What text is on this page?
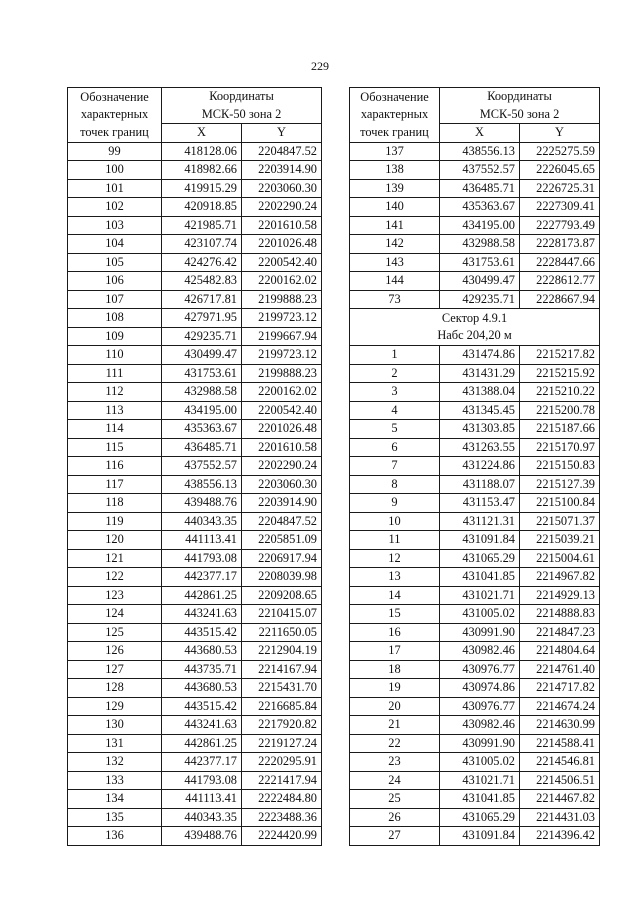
229
Обозначение
характерных
точек границ	Координаты
МСК-50 зона 2	

	X	Y
99	418128.06	2204847.52
100	418982.66	2203914.90
101	419915.29	2203060.30
102	420918.85	2202290.24
103	421985.71	2201610.58
104	423107.74	2201026.48
105	424276.42	2200542.40
106	425482.83	2200162.02
107	426717.81	2199888.23
108	427971.95	2199723.12
109	429235.71	2199667.94
110	430499.47	2199723.12
111	431753.61	2199888.23
112	432988.58	2200162.02
113	434195.00	2200542.40
114	435363.67	2201026.48
115	436485.71	2201610.58
116	437552.57	2202290.24
117	438556.13	2203060.30
118	439488.76	2203914.90
119	440343.35	2204847.52
120	441113.41	2205851.09
121	441793.08	2206917.94
122	442377.17	2208039.98
123	442861.25	2209208.65
124	443241.63	2210415.07
125	443515.42	2211650.05
126	443680.53	2212904.19
127	443735.71	2214167.94
128	443680.53	2215431.70
129	443515.42	2216685.84
130	443241.63	2217920.82
131	442861.25	2219127.24
132	442377.17	2220295.91
133	441793.08	2221417.94
134	441113.41	2222484.80
135	440343.35	2223488.36
136	439488.76	2224420.99
Обозначение
характерных
точек границ	Координаты
МСК-50 зона 2	

	X	Y
137	438556.13	2225275.59
138	437552.57	2226045.65
139	436485.71	2226725.31
140	435363.67	2227309.41
141	434195.00	2227793.49
142	432988.58	2228173.87
143	431753.61	2228447.66
144	430499.47	2228612.77
73	429235.71	2228667.94

Сектор 4.9.1
Набс 204,20 м		

1	431474.86	2215217.82
2	431431.29	2215215.92
3	431388.04	2215210.22
4	431345.45	2215200.78
5	431303.85	2215187.66
6	431263.55	2215170.97
7	431224.86	2215150.83
8	431188.07	2215127.39
9	431153.47	2215100.84
10	431121.31	2215071.37
11	431091.84	2215039.21
12	431065.29	2215004.61
13	431041.85	2214967.82
14	431021.71	2214929.13
15	431005.02	2214888.83
16	430991.90	2214847.23
17	430982.46	2214804.64
18	430976.77	2214761.40
19	430974.86	2214717.82
20	430976.77	2214674.24
21	430982.46	2214630.99
22	430991.90	2214588.41
23	431005.02	2214546.81
24	431021.71	2214506.51
25	431041.85	2214467.82
26	431065.29	2214431.03
27	431091.84	2214396.42
